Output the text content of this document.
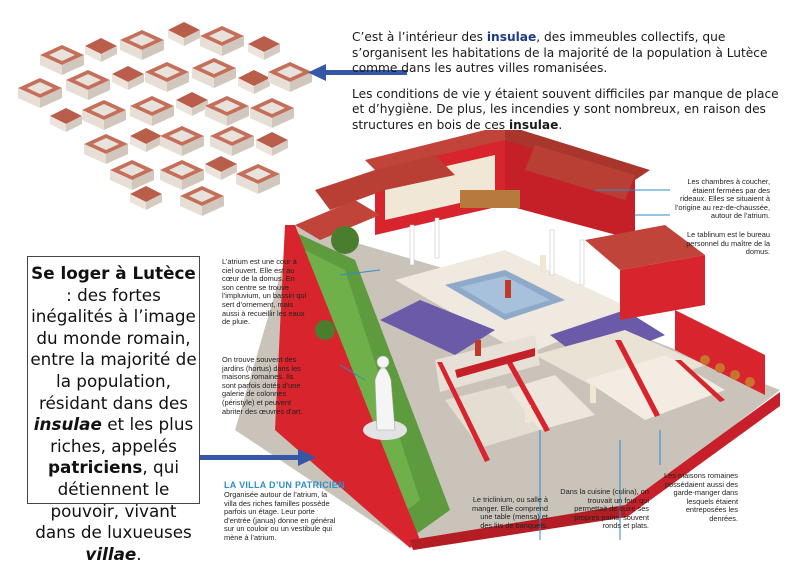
C’est à l’intérieur des insulae, des immeubles collectifs, que s’organisent les habitations de la majorité de la population à Lutèce comme dans les autres villes romanisées.

Les conditions de vie y étaient souvent difficiles par manque de place et d’hygiène. De plus, les incendies y sont nombreux, en raison des structures en bois de ces insulae.

Les chambres à coucher, étaient fermées par des rideaux. Elles se situaient à l’origine au rez-de-chaussée, autour de l’atrium.
Le tablinum est le bureau personnel du maître de la domus.
L’atrium est une cour à ciel ouvert. Elle est au cœur de la domus. En son centre se trouve l’impluvium, un bassin qui sert d’ornement, mais aussi à recueillir les eaux de pluie.
On trouve souvent des jardins (hortus) dans les maisons romaines. Ils sont parfois dotés d’une galerie de colonnes (péristyle) et peuvent abriter des œuvres d’art.
LA VILLA D’UN PATRICIEN
Organisée autour de l’atrium, la villa des riches familles possède parfois un étage. Leur porte d’entrée (janua) donne en général sur un couloir ou un vestibule qui mène à l’atrium.
Le triclinium, ou salle à manger. Elle comprend une table (mensa) et des lits de banquets.
Dans la cuisine (culina), on trouvait un four qui permettait de cuire ses propres pains, souvent ronds et plats.
Les maisons romaines possédaient aussi des garde-manger dans lesquels étaient entreposées les denrées.
Se loger à Lutèce : des fortes inégalités à l’image du monde romain, entre la majorité de la population, résidant dans des insulae et les plus riches, appelés patriciens, qui détiennent le pouvoir, vivant dans de luxueuses villae.
